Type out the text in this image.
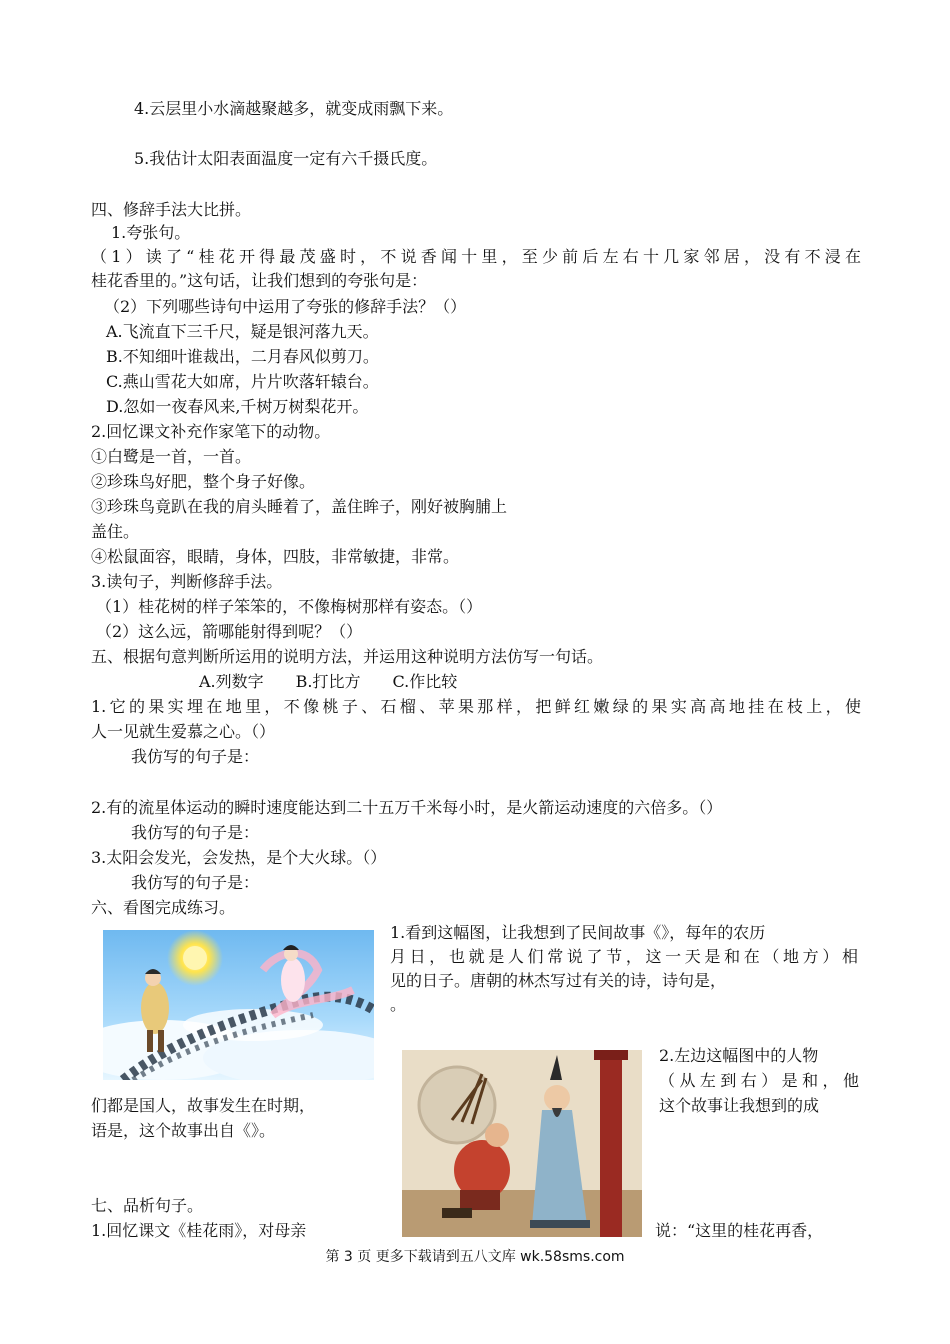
4.云层里小水滴越聚越多，就变成雨飘下来。
5.我估计太阳表面温度一定有六千摄氏度。
四、修辞手法大比拼。
1.夸张句。
（1）读了“桂花开得最茂盛时，不说香闻十里，至少前后左右十几家邻居，没有不浸在
桂花香里的。”这句话，让我们想到的夸张句是：
（2）下列哪些诗句中运用了夸张的修辞手法？（）
A.飞流直下三千尺，疑是银河落九天。
B.不知细叶谁裁出，二月春风似剪刀。
C.燕山雪花大如席，片片吹落轩辕台。
D.忽如一夜春风来,千树万树梨花开。
2.回忆课文补充作家笔下的动物。
①白鹭是一首，一首。
②珍珠鸟好肥，整个身子好像。
③珍珠鸟竟趴在我的肩头睡着了，盖住眸子，刚好被胸脯上
盖住。
④松鼠面容，眼睛，身体，四肢，非常敏捷，非常。
3.读句子，判断修辞手法。
（1）桂花树的样子笨笨的，不像梅树那样有姿态。（）
（2）这么远，箭哪能射得到呢？（）
五、根据句意判断所运用的说明方法，并运用这种说明方法仿写一句话。
A.列数字　　B.打比方　　C.作比较
1.它的果实埋在地里，不像桃子、石榴、苹果那样，把鲜红嫩绿的果实高高地挂在枝上，使
人一见就生爱慕之心。（）
我仿写的句子是：
2.有的流星体运动的瞬时速度能达到二十五万千米每小时，是火箭运动速度的六倍多。（）
我仿写的句子是：
3.太阳会发光，会发热，是个大火球。（）
我仿写的句子是：
六、看图完成练习。
1.看到这幅图，让我想到了民间故事《》，每年的农历
月日，也就是人们常说了节，这一天是和在（地方）相
见的日子。唐朝的林杰写过有关的诗，诗句是，
。
2.左边这幅图中的人物
（从左到右）是和，他
们都是国人，故事发生在时期，	这个故事让我想到的成
语是，这个故事出自《》。
七、品析句子。
1.回忆课文《桂花雨》，对母亲	说：“这里的桂花再香，
第 3 页 更多下载请到五八文库 wk.58sms.com
